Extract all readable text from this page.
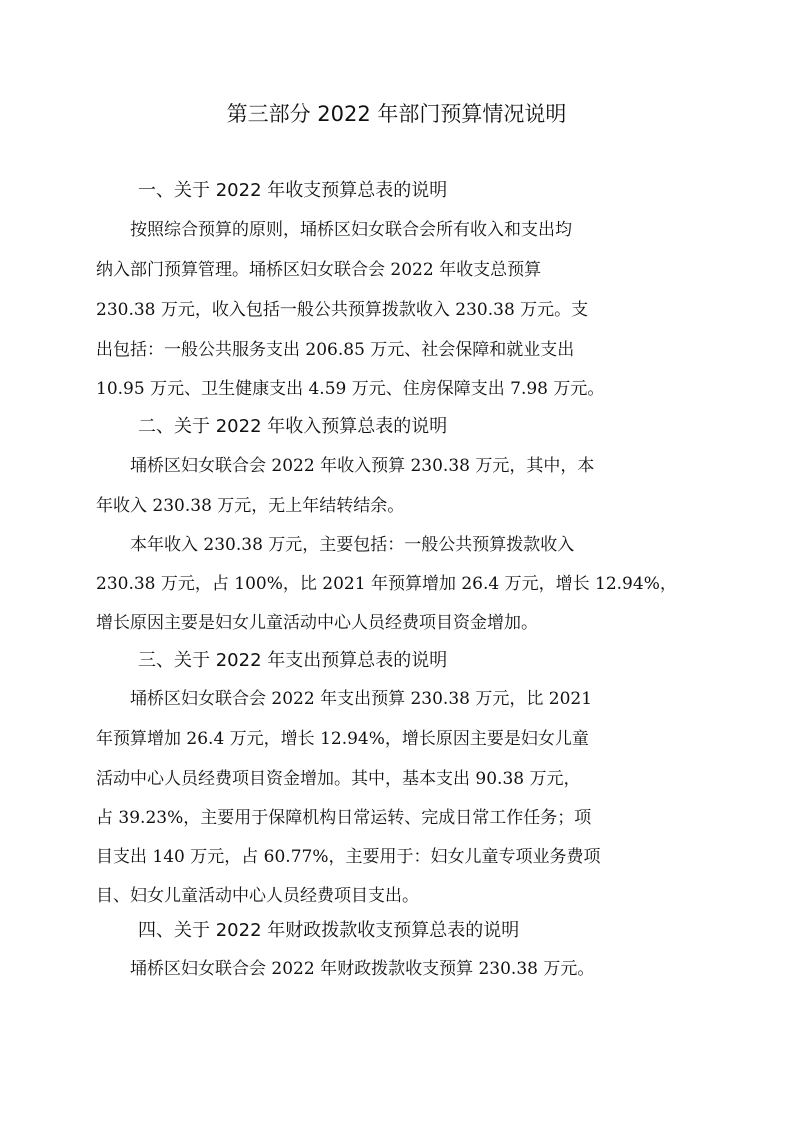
第三部分 2022 年部门预算情况说明
一、关于 2022 年收支预算总表的说明
　　按照综合预算的原则，埇桥区妇女联合会所有收入和支出均
纳入部门预算管理。埇桥区妇女联合会 2022 年收支总预算
230.38 万元，收入包括一般公共预算拨款收入 230.38 万元。支
出包括：一般公共服务支出 206.85 万元、社会保障和就业支出
10.95 万元、卫生健康支出 4.59 万元、住房保障支出 7.98 万元。
二、关于 2022 年收入预算总表的说明
　　埇桥区妇女联合会 2022 年收入预算 230.38 万元，其中，本
年收入 230.38 万元，无上年结转结余。
　　本年收入 230.38 万元，主要包括：一般公共预算拨款收入
230.38 万元，占 100%，比 2021 年预算增加 26.4 万元，增长 12.94%，
增长原因主要是妇女儿童活动中心人员经费项目资金增加。
三、关于 2022 年支出预算总表的说明
　　埇桥区妇女联合会 2022 年支出预算 230.38 万元，比 2021
年预算增加 26.4 万元，增长 12.94%，增长原因主要是妇女儿童
活动中心人员经费项目资金增加。其中，基本支出 90.38 万元，
占 39.23%，主要用于保障机构日常运转、完成日常工作任务；项
目支出 140 万元，占 60.77%，主要用于：妇女儿童专项业务费项
目、妇女儿童活动中心人员经费项目支出。
四、关于 2022 年财政拨款收支预算总表的说明
　　埇桥区妇女联合会 2022 年财政拨款收支预算 230.38 万元。
